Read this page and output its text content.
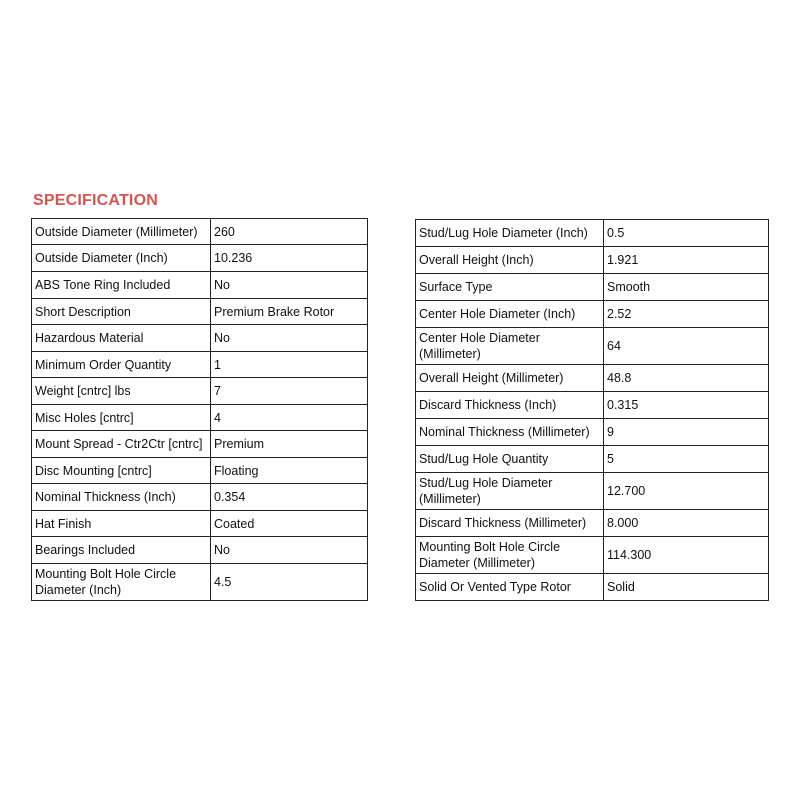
SPECIFICATION
Outside Diameter (Millimeter)	260
Outside Diameter (Inch)	10.236
ABS Tone Ring Included	No
Short Description	Premium Brake Rotor
Hazardous Material	No
Minimum Order Quantity	1
Weight [cntrc] lbs	7
Misc Holes [cntrc]	4
Mount Spread - Ctr2Ctr [cntrc]	Premium
Disc Mounting [cntrc]	Floating
Nominal Thickness (Inch)	0.354
Hat Finish	Coated
Bearings Included	No
Mounting Bolt Hole Circle Diameter (Inch)	4.5
Stud/Lug Hole Diameter (Inch)	0.5
Overall Height (Inch)	1.921
Surface Type	Smooth
Center Hole Diameter (Inch)	2.52
Center Hole Diameter (Millimeter)	64
Overall Height (Millimeter)	48.8
Discard Thickness (Inch)	0.315
Nominal Thickness (Millimeter)	9
Stud/Lug Hole Quantity	5
Stud/Lug Hole Diameter (Millimeter)	12.700
Discard Thickness (Millimeter)	8.000
Mounting Bolt Hole Circle Diameter (Millimeter)	114.300
Solid Or Vented Type Rotor	Solid
